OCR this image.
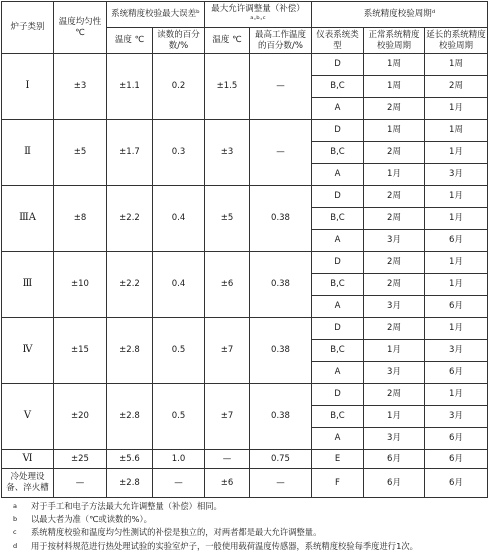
炉子类别	温度均匀性 ℃	系统精度校验最大误差ᵇ		最大允许调整量（补偿）ᵃ·ᵇ·ᶜ		系统精度校验周期ᵈ		
		温度 ℃	读数的百分数/%	温度 ℃	最高工作温度的百分数/%	仪表系统类型	正常系统精度校验周期	延长的系统精度校验周期
Ⅰ	±3	±1.1	0.2	±1.5	—	D	1周	1周
						B,C	1周	2周
						A	2周	1月
Ⅱ	±5	±1.7	0.3	±3	—	D	1周	1周
						B,C	2周	1月
						A	1月	3月
ⅢA	±8	±2.2	0.4	±5	0.38	D	2周	1月
						B,C	2周	1月
						A	3月	6月
Ⅲ	±10	±2.2	0.4	±6	0.38	D	2周	1月
						B,C	2周	1月
						A	3月	6月
Ⅳ	±15	±2.8	0.5	±7	0.38	D	2周	1月
						B,C	1月	3月
						A	3月	6月
Ⅴ	±20	±2.8	0.5	±7	0.38	D	2周	1月
						B,C	1月	3月
						A	3月	6月
Ⅵ	±25	±5.6	1.0	—	0.75	E	6月	6月
冷处理设备、淬火槽	—	±2.8	—	±6	—	F	6月	6月
a	对于手工和电子方法最大允许调整量（补偿）相同。
b	以最大者为准（℃或读数的%）。
c	系统精度校验和温度均匀性测试的补偿是独立的，对两者都是最大允许调整量。
d	用于按材料规范进行热处理试验的实验室炉子，一般使用载荷温度传感器，系统精度校验每季度进行1次。
